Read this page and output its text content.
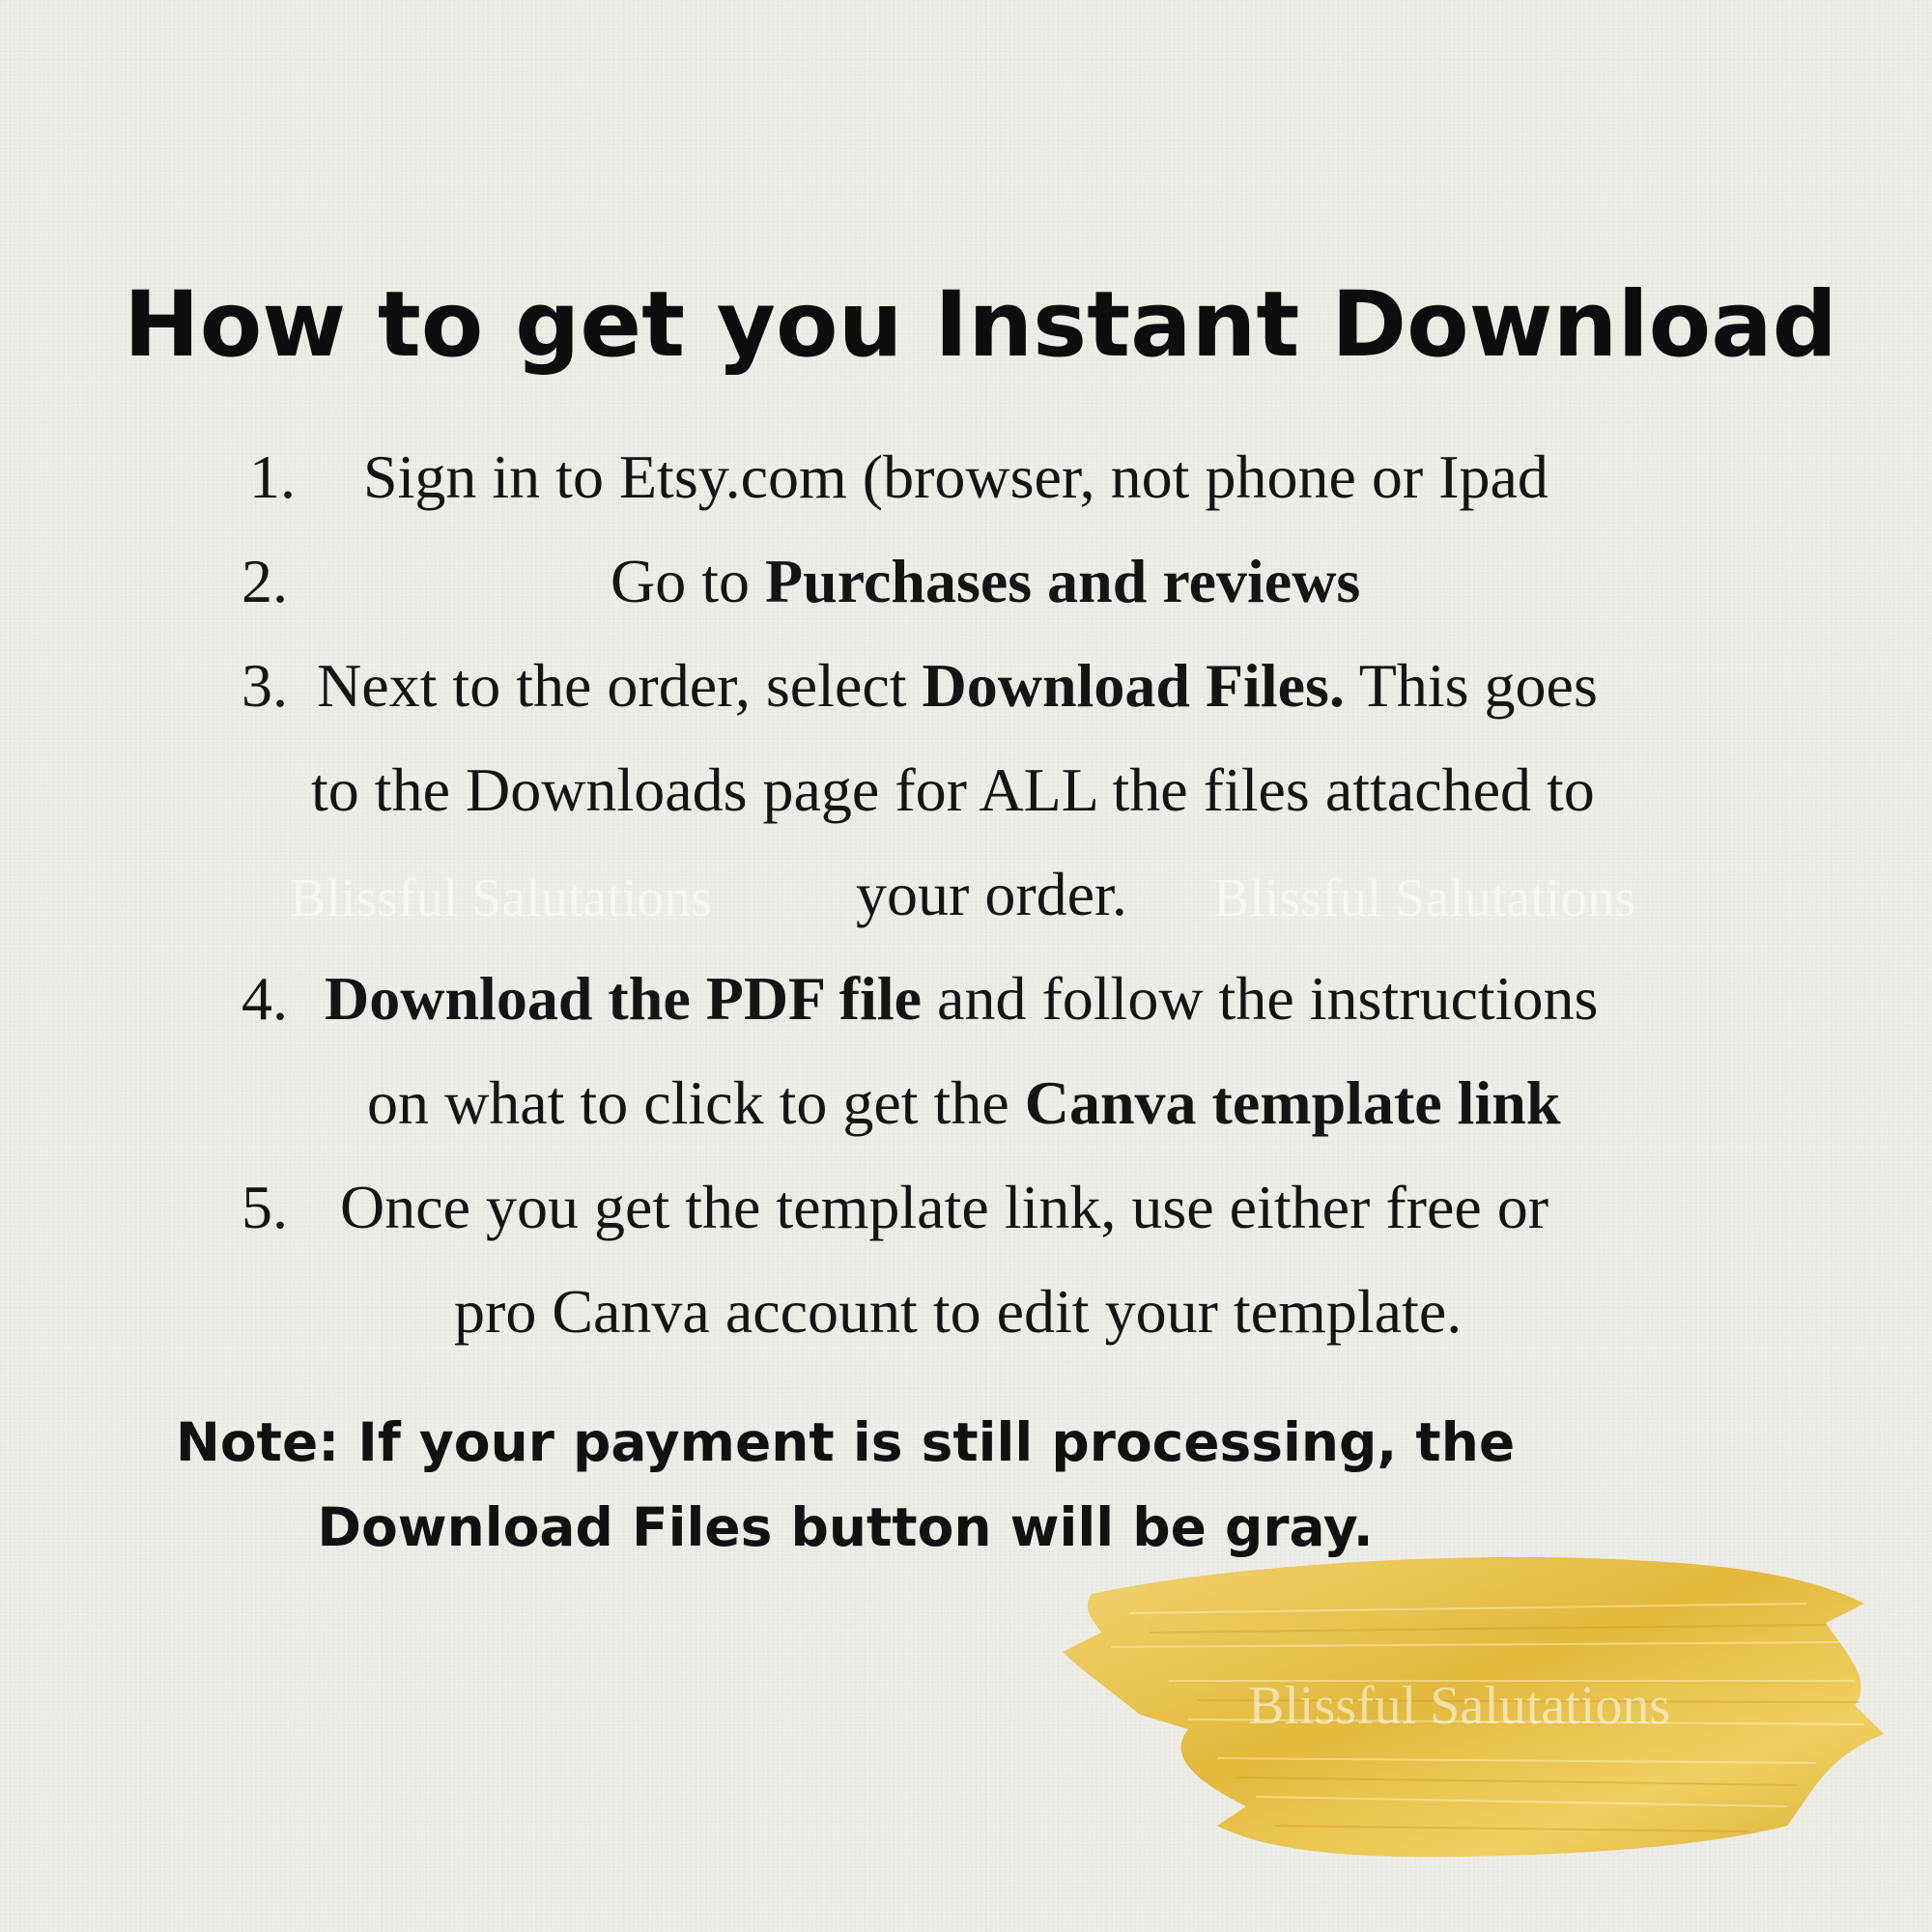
How to get you Instant Download
1. Sign in to Etsy.com (browser, not phone or Ipad
2.	Go to Purchases and reviews
3. Next to the order, select Download Files. This goes
to the Downloads page for ALL the files attached to
your order.
4. Download the PDF file and follow the instructions
on what to click to get the Canva template link
5. Once you get the template link, use either free or
pro Canva account to edit your template.
Blissful Salutations	Blissful Salutations
Note: If your payment is still processing, the
Download Files button will be gray.
Blissful Salutations
